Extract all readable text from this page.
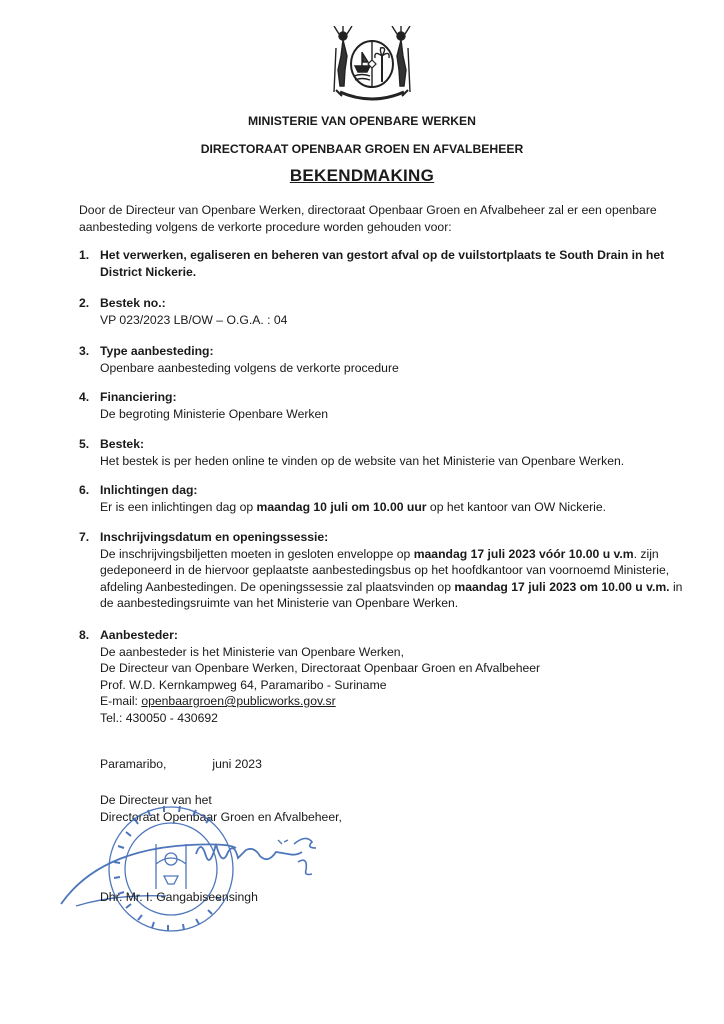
MINISTERIE VAN OPENBARE WERKEN
DIRECTORAAT OPENBAAR GROEN EN AFVALBEHEER
BEKENDMAKING
Door de Directeur van Openbare Werken, directoraat Openbaar Groen en Afvalbeheer zal er een openbare
aanbesteding volgens de verkorte procedure worden gehouden voor:
1. Het verwerken, egaliseren en beheren van gestort afval op de vuilstortplaats te South Drain in het
District Nickerie.
2. Bestek no.:
VP 023/2023 LB/OW – O.G.A. : 04
3. Type aanbesteding:
Openbare aanbesteding volgens de verkorte procedure
4. Financiering:
De begroting Ministerie Openbare Werken
5. Bestek:
Het bestek is per heden online te vinden op de website van het Ministerie van Openbare Werken.
6. Inlichtingen dag:
Er is een inlichtingen dag op maandag 10 juli om 10.00 uur op het kantoor van OW Nickerie.
7. Inschrijvingsdatum en openingssessie:
De inschrijvingsbiljetten moeten in gesloten enveloppe op maandag 17 juli 2023 vóór 10.00 u v.m. zijn
gedeponeerd in de hiervoor geplaatste aanbestedingsbus op het hoofdkantoor van voornoemd Ministerie,
afdeling Aanbestedingen. De openingssessie zal plaatsvinden op maandag 17 juli 2023 om 10.00 u v.m. in
de aanbestedingsruimte van het Ministerie van Openbare Werken.
8. Aanbesteder:
De aanbesteder is het Ministerie van Openbare Werken,
De Directeur van Openbare Werken, Directoraat Openbaar Groen en Afvalbeheer
Prof. W.D. Kernkampweg 64, Paramaribo - Suriname
E-mail: openbaargroen@publicworks.gov.sr
Tel.: 430050 - 430692
Paramaribo,	juni 2023
De Directeur van het
Directoraat Openbaar Groen en Afvalbeheer,
Dhr. Mr. I. Gangabiseensingh
